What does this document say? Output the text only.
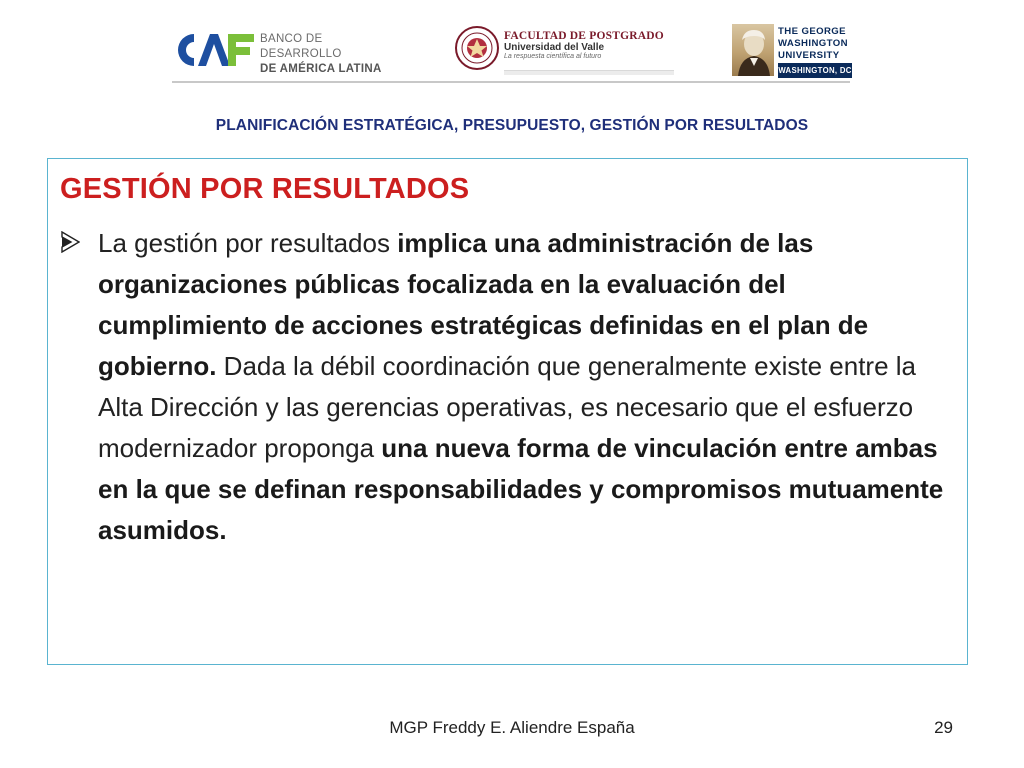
BANCO DE DESARROLLO
DE AMÉRICA LATINA
FACULTAD DE POSTGRADO
Universidad del Valle
La respuesta científica al futuro
THE GEORGE
WASHINGTON
UNIVERSITY
WASHINGTON, DC
PLANIFICACIÓN ESTRATÉGICA, PRESUPUESTO, GESTIÓN POR RESULTADOS
GESTIÓN POR RESULTADOS
La gestión por resultados implica una administración de las organizaciones públicas focalizada en la evaluación del cumplimiento de acciones estratégicas definidas en el plan de gobierno. Dada la débil coordinación que generalmente existe entre la Alta Dirección y las gerencias operativas, es necesario que el esfuerzo modernizador proponga una nueva forma de vinculación entre ambas en la que se definan responsabilidades y compromisos mutuamente asumidos.
MGP Freddy E. Aliendre España	29
